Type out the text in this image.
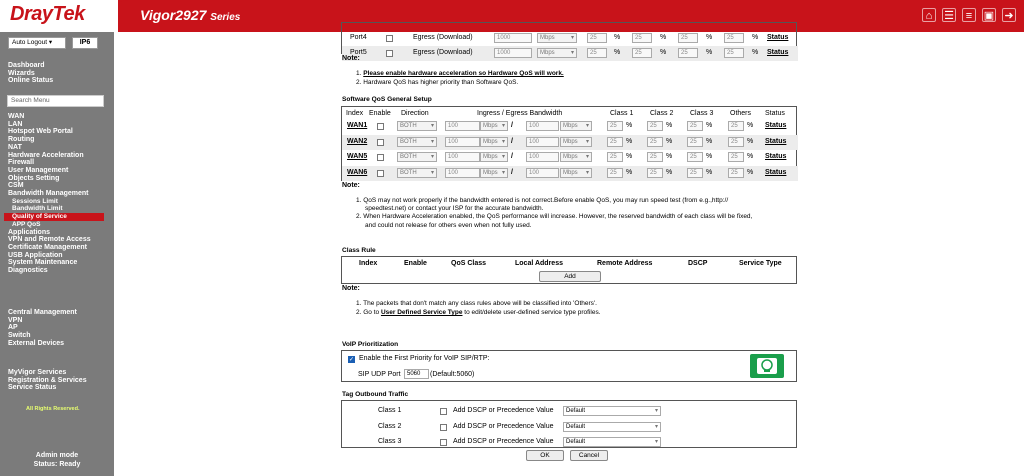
DrayTek	Vigor2927 Series	⌂	☰	≡	▣ ➜
Auto Logout ▾	IP6
Dashboard
Wizards
Online Status
Search Menu
WAN
LAN
Hotspot Web Portal
Routing
NAT
Hardware Acceleration
Firewall
User Management
Objects Setting
CSM
Bandwidth Management
Sessions Limit
Bandwidth Limit
Quality of Service
APP QoS
Applications
VPN and Remote Access
Certificate Management
USB Application
System Maintenance
Diagnostics
Central Management
VPN
AP
Switch
External Devices
MyVigor Services
Registration & Services
Service Status
All Rights Reserved.
Admin mode
Status: Ready
Port4	Egress (Download)	1000	Mbps ▾	25	%	25	%	25	%	25	% Status
Port5	Egress (Download)	1000	Mbps ▾	25	%	25	%	25	%	25	% Status
Note:
1. Please enable hardware acceleration so Hardware QoS will work.
2. Hardware QoS has higher priority than Software QoS.
Software QoS General Setup
Index Enable Direction	Ingress / Egress Bandwidth	Class 1 Class 2 Class 3 Others Status
WAN1	BOTH ▾	100	Mbps ▾	/	100	Mbps ▾	25	%	25	%	25	%	25	% Status
WAN2	BOTH ▾	100	Mbps ▾	/	100	Mbps ▾	25	%	25	%	25	%	25	% Status
WAN5	BOTH ▾	100	Mbps ▾	/	100	Mbps ▾	25	%	25	%	25	%	25	% Status
WAN6	BOTH ▾	100	Mbps ▾	/	100	Mbps ▾	25	%	25	%	25	%	25	% Status
Note:
1. QoS may not work properly if the bandwidth entered is not correct.Before enable QoS, you may run speed test (from e.g.,http://
speedtest.net) or contact your ISP for the accurate bandwidth.
2. When Hardware Acceleration enabled, the QoS performance will increase. However, the reserved bandwidth of each class will be fixed,
and could not release for others even when not fully used.
Class Rule
Index	Enable	QoS Class	Local Address	Remote Address	DSCP	Service Type
Add
Note:
1. The packets that don't match any class rules above will be classified into 'Others'.
2. Go to User Defined Service Type to edit/delete user-defined service type profiles.
VoIP Prioritization
✓ Enable the First Priority for VoIP SIP/RTP:
SIP UDP Port	5060	(Default:5060)
Tag Outbound Traffic
Class 1	Add DSCP or Precedence Value	Default ▾
Class 2	Add DSCP or Precedence Value	Default ▾
Class 3	Add DSCP or Precedence Value	Default ▾
OK	Cancel
